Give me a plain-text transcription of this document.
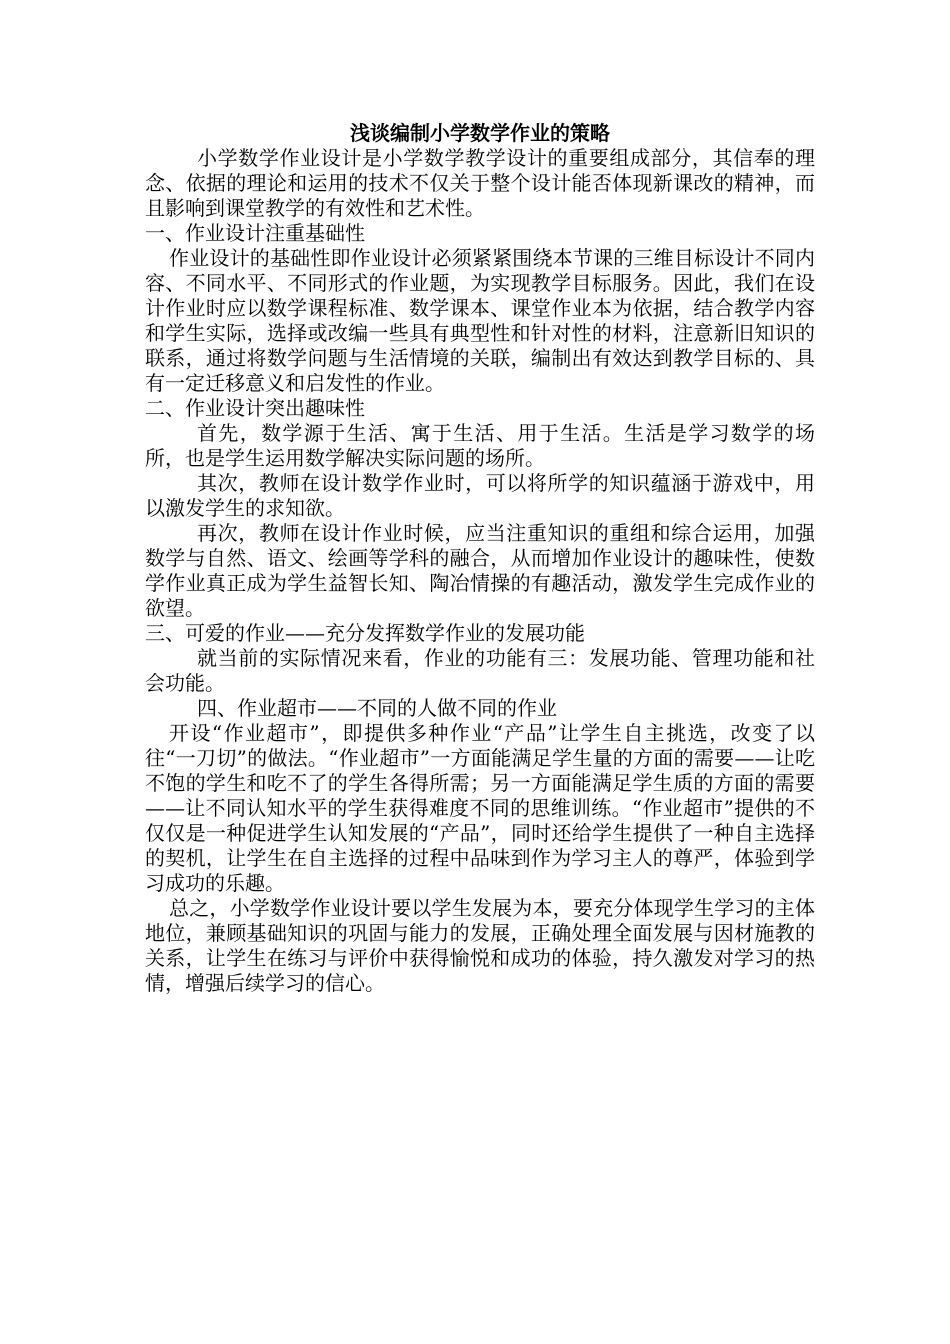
浅谈编制小学数学作业的策略

小学数学作业设计是小学数学教学设计的重要组成部分，其信奉的理念、依据的理论和运用的技术不仅关于整个设计能否体现新课改的精神，而且影响到课堂教学的有效性和艺术性。

一、作业设计注重基础性

作业设计的基础性即作业设计必须紧紧围绕本节课的三维目标设计不同内容、不同水平、不同形式的作业题，为实现教学目标服务。因此，我们在设计作业时应以数学课程标准、数学课本、课堂作业本为依据，结合教学内容和学生实际，选择或改编一些具有典型性和针对性的材料，注意新旧知识的联系，通过将数学问题与生活情境的关联，编制出有效达到教学目标的、具有一定迁移意义和启发性的作业。

二、作业设计突出趣味性

首先，数学源于生活、寓于生活、用于生活。生活是学习数学的场所，也是学生运用数学解决实际问题的场所。

其次，教师在设计数学作业时，可以将所学的知识蕴涵于游戏中，用以激发学生的求知欲。

再次，教师在设计作业时候，应当注重知识的重组和综合运用，加强数学与自然、语文、绘画等学科的融合，从而增加作业设计的趣味性，使数学作业真正成为学生益智长知、陶冶情操的有趣活动，激发学生完成作业的欲望。

三、可爱的作业——充分发挥数学作业的发展功能

就当前的实际情况来看，作业的功能有三：发展功能、管理功能和社会功能。

四、作业超市——不同的人做不同的作业

开设“作业超市”，即提供多种作业“产品”让学生自主挑选，改变了以往“一刀切”的做法。“作业超市”一方面能满足学生量的方面的需要——让吃不饱的学生和吃不了的学生各得所需；另一方面能满足学生质的方面的需要——让不同认知水平的学生获得难度不同的思维训练。“作业超市”提供的不仅仅是一种促进学生认知发展的“产品”，同时还给学生提供了一种自主选择的契机，让学生在自主选择的过程中品味到作为学习主人的尊严，体验到学习成功的乐趣。

总之，小学数学作业设计要以学生发展为本，要充分体现学生学习的主体地位，兼顾基础知识的巩固与能力的发展，正确处理全面发展与因材施教的关系，让学生在练习与评价中获得愉悦和成功的体验，持久激发对学习的热情，增强后续学习的信心。
